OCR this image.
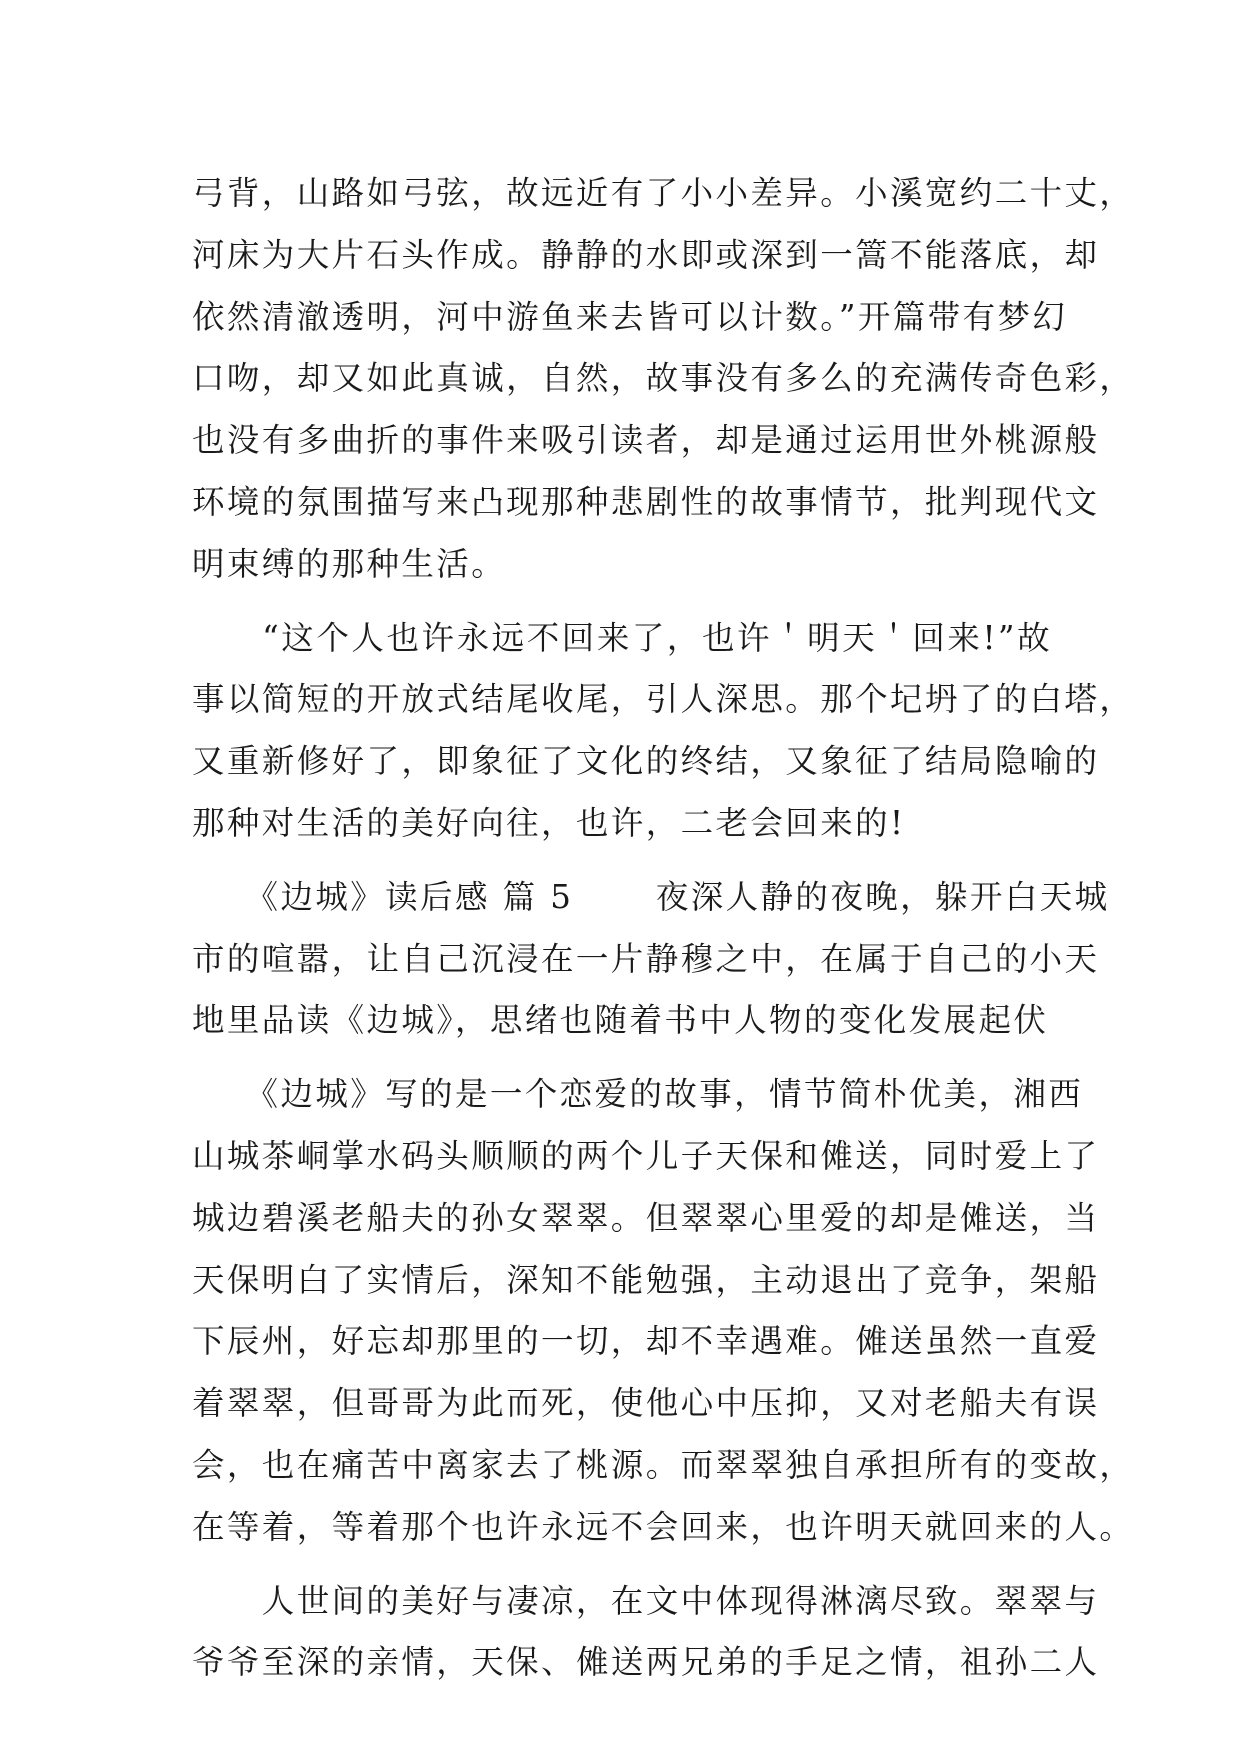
弓背，山路如弓弦，故远近有了小小差异。小溪宽约二十丈，
河床为大片石头作成。静静的水即或深到一篙不能落底，却
依然清澈透明，河中游鱼来去皆可以计数。”开篇带有梦幻
口吻，却又如此真诚，自然，故事没有多么的充满传奇色彩，
也没有多曲折的事件来吸引读者，却是通过运用世外桃源般
环境的氛围描写来凸现那种悲剧性的故事情节，批判现代文
明束缚的那种生活。
　　“这个人也许永远不回来了，也许＇明天＇回来!”故
事以简短的开放式结尾收尾，引人深思。那个圮坍了的白塔，
又重新修好了，即象征了文化的终结，又象征了结局隐喻的
那种对生活的美好向往，也许，二老会回来的!
　　《边城》读后感 篇 5　　 夜深人静的夜晚，躲开白天城
市的喧嚣，让自己沉浸在一片静穆之中，在属于自己的小天
地里品读《边城》，思绪也随着书中人物的变化发展起伏
　　《边城》写的是一个恋爱的故事，情节简朴优美，湘西
山城茶峒掌水码头顺顺的两个儿子天保和傩送，同时爱上了
城边碧溪老船夫的孙女翠翠。但翠翠心里爱的却是傩送，当
天保明白了实情后，深知不能勉强，主动退出了竞争，架船
下辰州，好忘却那里的一切，却不幸遇难。傩送虽然一直爱
着翠翠，但哥哥为此而死，使他心中压抑，又对老船夫有误
会，也在痛苦中离家去了桃源。而翠翠独自承担所有的变故，
在等着，等着那个也许永远不会回来，也许明天就回来的人。
　　人世间的美好与凄凉，在文中体现得淋漓尽致。翠翠与
爷爷至深的亲情，天保、傩送两兄弟的手足之情，祖孙二人
